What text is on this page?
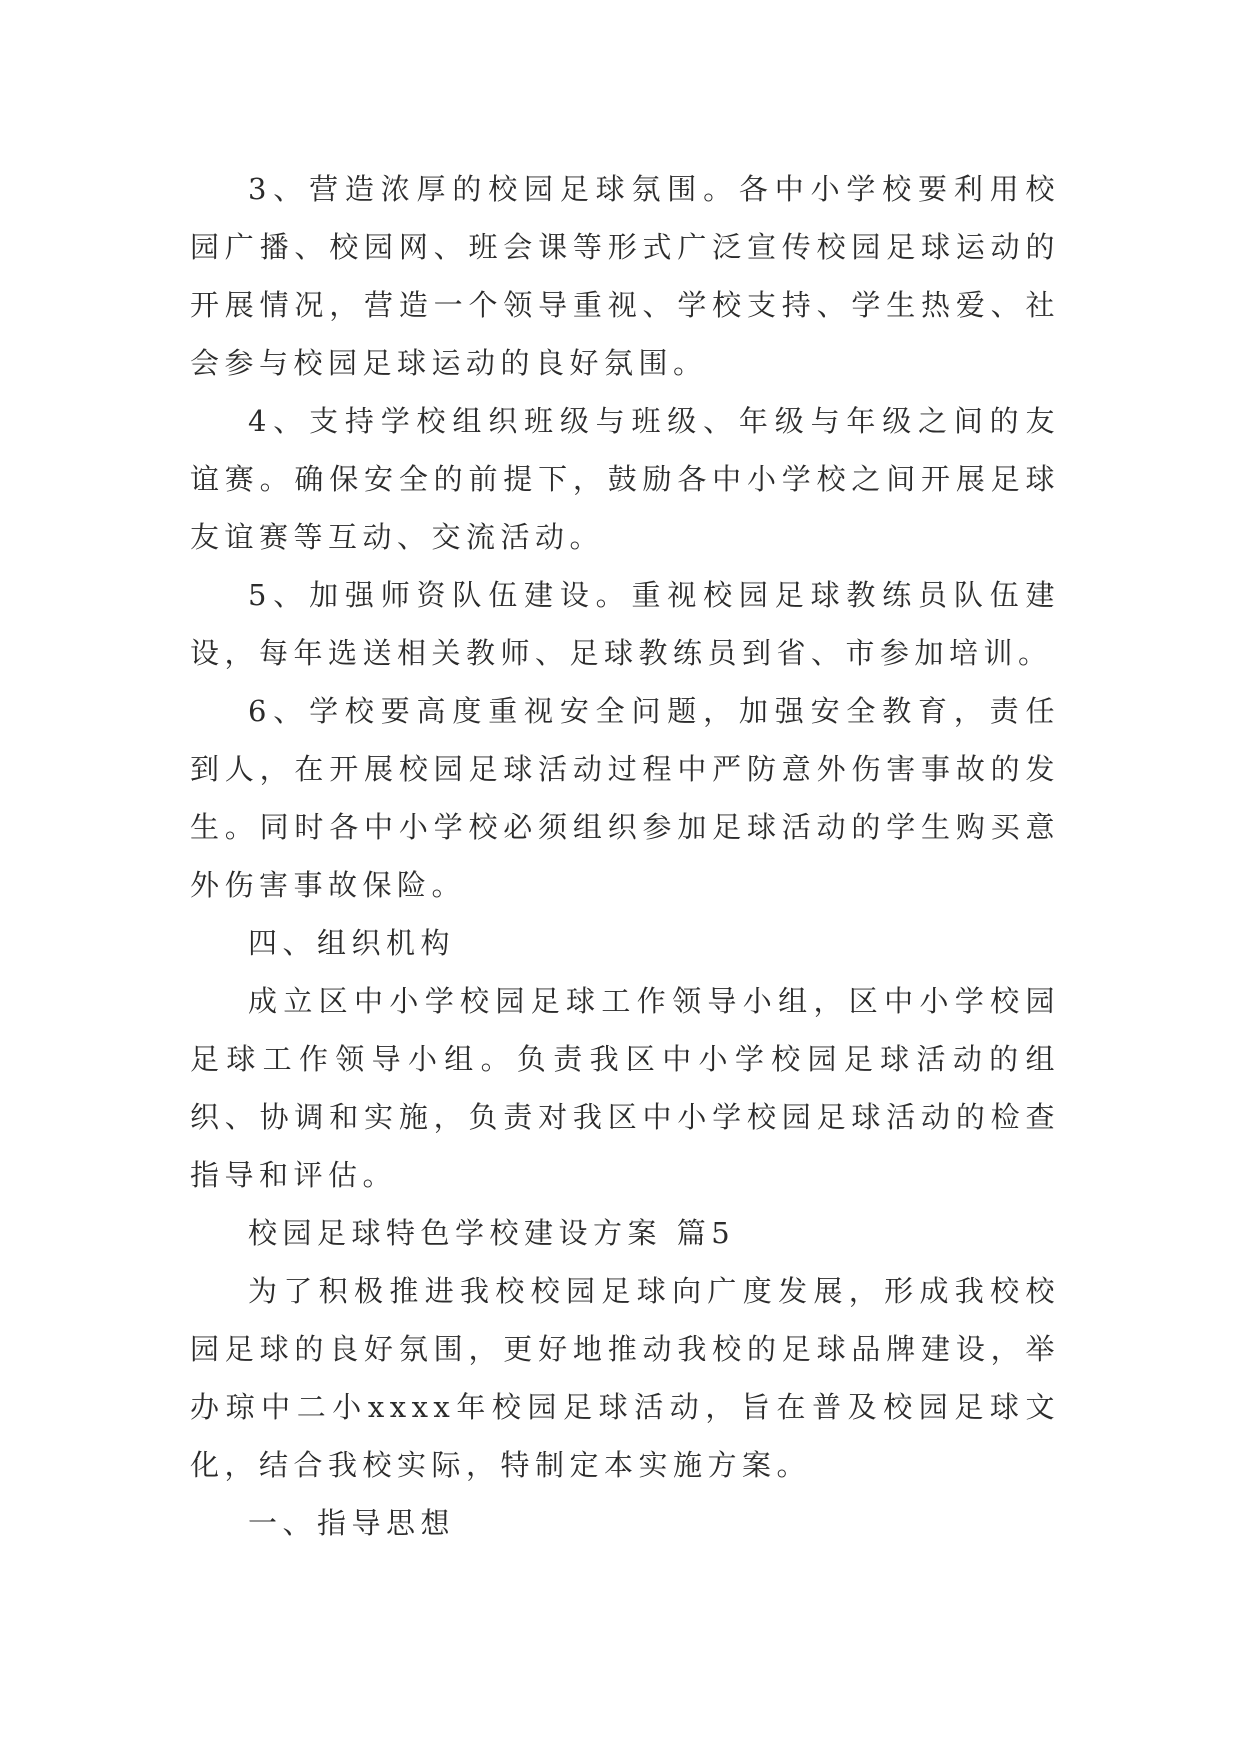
3、营造浓厚的校园足球氛围。各中小学校要利用校园广播、校园网、班会课等形式广泛宣传校园足球运动的开展情况，营造一个领导重视、学校支持、学生热爱、社会参与校园足球运动的良好氛围。

4、支持学校组织班级与班级、年级与年级之间的友谊赛。确保安全的前提下，鼓励各中小学校之间开展足球友谊赛等互动、交流活动。

5、加强师资队伍建设。重视校园足球教练员队伍建设，每年选送相关教师、足球教练员到省、市参加培训。

6、学校要高度重视安全问题，加强安全教育，责任到人，在开展校园足球活动过程中严防意外伤害事故的发生。同时各中小学校必须组织参加足球活动的学生购买意外伤害事故保险。

四、组织机构

成立区中小学校园足球工作领导小组，区中小学校园足球工作领导小组。负责我区中小学校园足球活动的组织、协调和实施，负责对我区中小学校园足球活动的检查指导和评估。

校园足球特色学校建设方案 篇5

为了积极推进我校校园足球向广度发展，形成我校校园足球的良好氛围，更好地推动我校的足球品牌建设，举办琼中二小xxxx年校园足球活动，旨在普及校园足球文化，结合我校实际，特制定本实施方案。

一、指导思想
